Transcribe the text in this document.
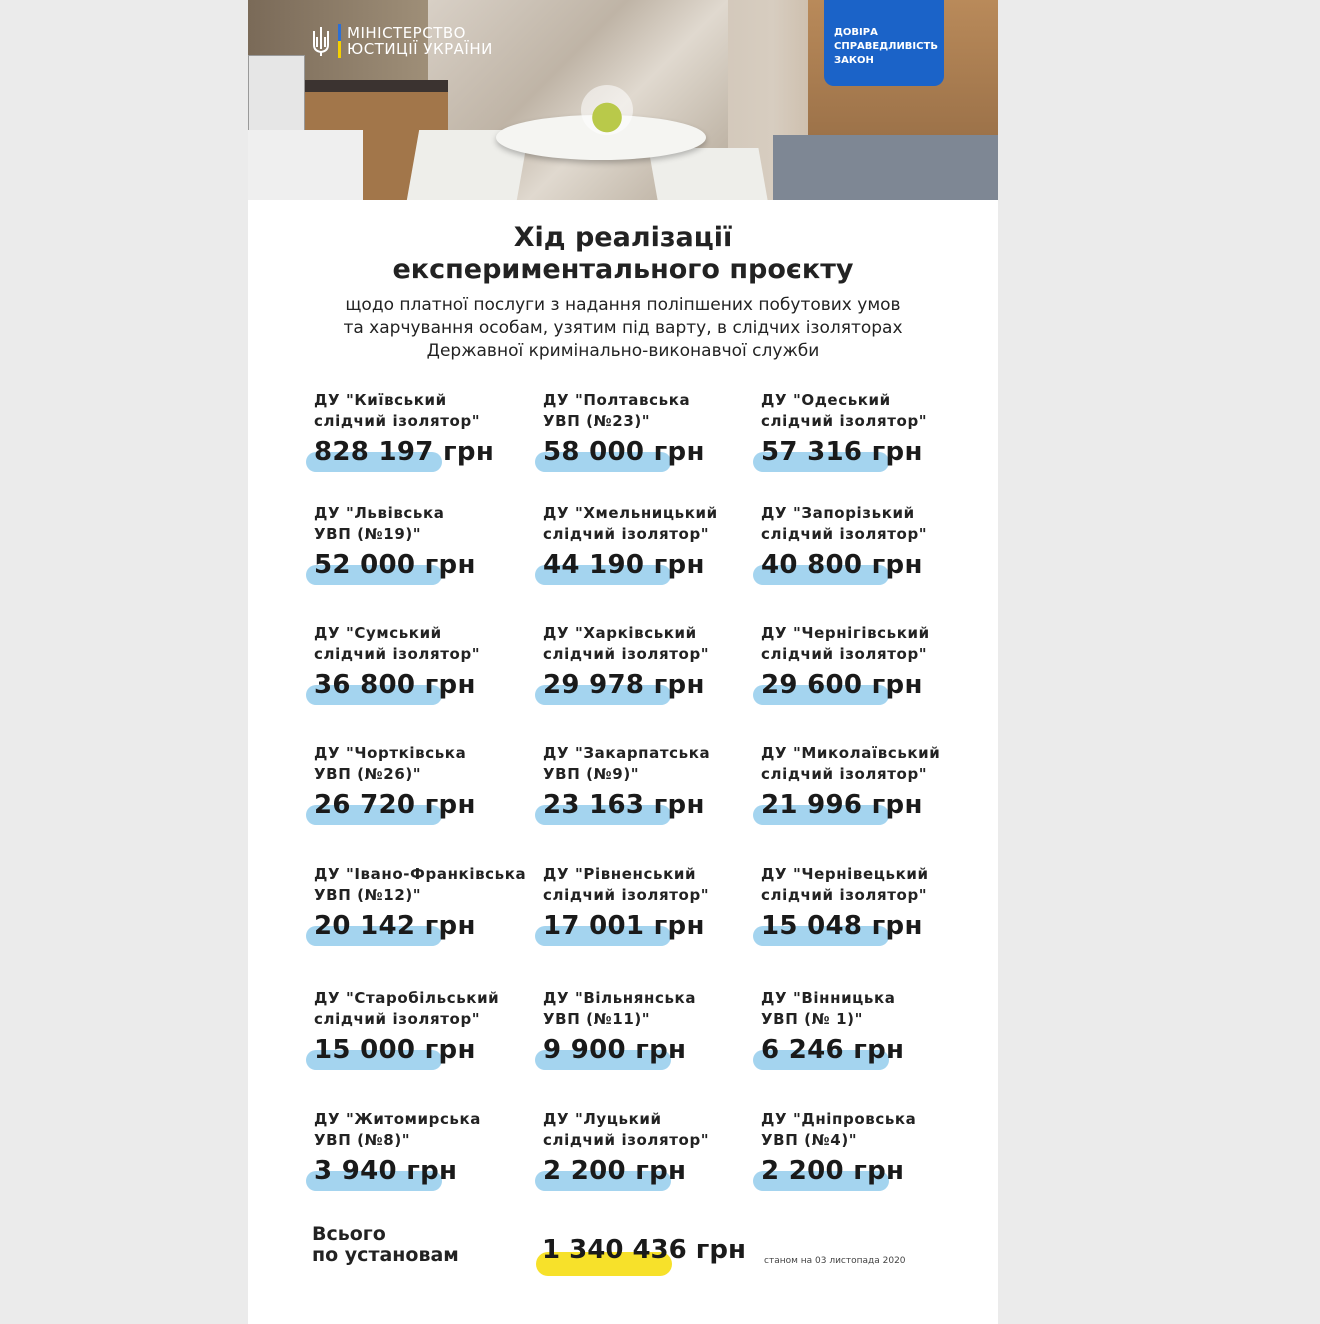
МІНІСТЕРСТВО
ЮСТИЦІЇ УКРАЇНИ
ДОВІРА
СПРАВЕДЛИВІСТЬ
ЗАКОН
Хід реалізації
експериментального проєкту
щодо платної послуги з надання поліпшених побутових умов
та харчування особам, узятим під варту, в слідчих ізоляторах
Державної кримінально-виконавчої служби
ДУ "Київський
слідчий ізолятор"
828 197 грн
ДУ "Полтавська
УВП (№23)"
58 000 грн
ДУ "Одеський
слідчий ізолятор"
57 316 грн
ДУ "Львівська
УВП (№19)"
52 000 грн
ДУ "Хмельницький
слідчий ізолятор"
44 190 грн
ДУ "Запорізький
слідчий ізолятор"
40 800 грн
ДУ "Сумський
слідчий ізолятор"
36 800 грн
ДУ "Харківський
слідчий ізолятор"
29 978 грн
ДУ "Чернігівський
слідчий ізолятор"
29 600 грн
ДУ "Чортківська
УВП (№26)"
26 720 грн
ДУ "Закарпатська
УВП (№9)"
23 163 грн
ДУ "Миколаївський
слідчий ізолятор"
21 996 грн
ДУ "Івано-Франківська
УВП (№12)"
20 142 грн
ДУ "Рівненський
слідчий ізолятор"
17 001 грн
ДУ "Чернівецький
слідчий ізолятор"
15 048 грн
ДУ "Старобільський
слідчий ізолятор"
15 000 грн
ДУ "Вільнянська
УВП (№11)"
9 900 грн
ДУ "Вінницька
УВП (№ 1)"
6 246 грн
ДУ "Житомирська
УВП (№8)"
3 940 грн
ДУ "Луцький
слідчий ізолятор"
2 200 грн
ДУ "Дніпровська
УВП (№4)"
2 200 грн
Всього
по установам	1 340 436 грн станом на 03 листопада 2020
